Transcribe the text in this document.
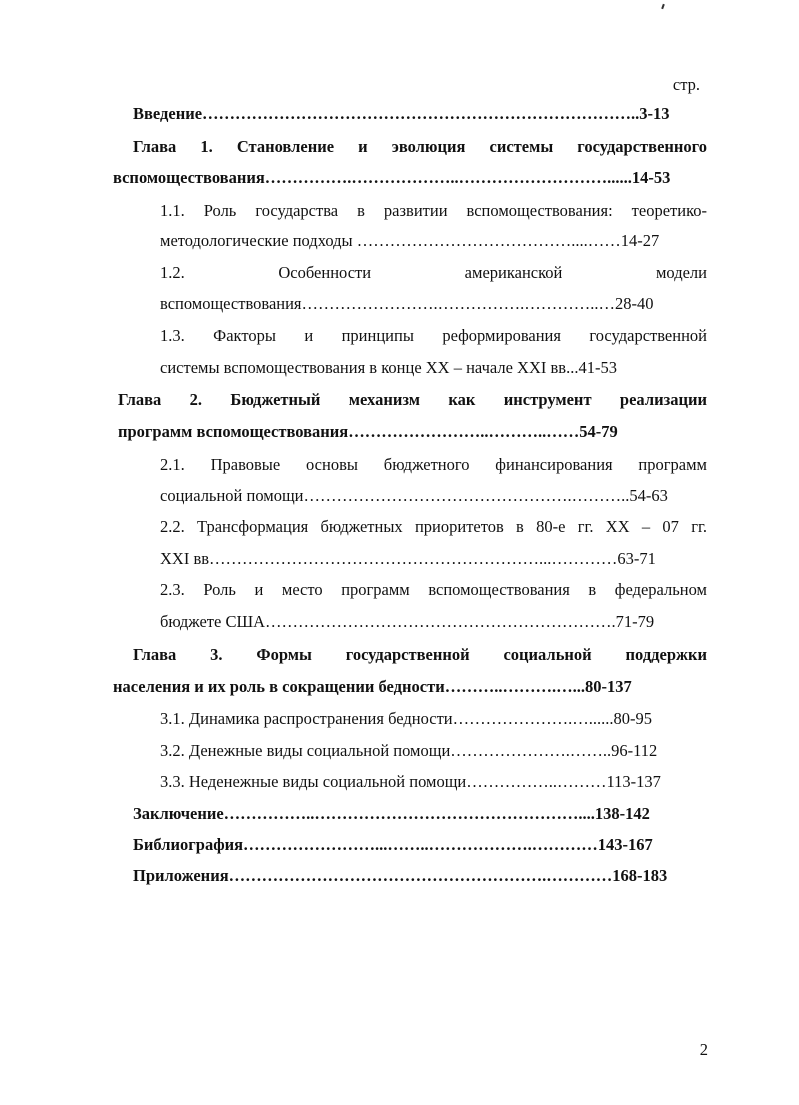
стр.
Введение……………………………………………………………………..3-13
Глава 1. Становление и эволюция системы государственного
вспомоществования…………….………………..………………………......14-53
1.1. Роль государства в развитии вспомоществования: теоретико-
методологические подходы …………………………………....……14-27
1.2. Особенности американской модели
вспомоществования…………………….…………….…………..…28-40
1.3. Факторы и принципы реформирования государственной
системы вспомоществования в конце XX – начале XXI вв...41-53
Глава 2. Бюджетный механизм как инструмент реализации
программ вспомоществования……………………..………..……54-79
2.1. Правовые основы бюджетного финансирования программ
социальной помощи………………………………………….………..54-63
2.2. Трансформация бюджетных приоритетов в 80-е гг. XX – 07 гг.
XXI вв……………………………………………………...…………63-71
2.3. Роль и место программ вспомоществования в федеральном
бюджете США……………………………………………………….71-79
Глава 3. Формы государственной социальной поддержки
населения и их роль в сокращении бедности………..……….…...80-137
3.1. Динамика распространения бедности………………….…......80-95
3.2. Денежные виды социальной помощи………………….……..96-112
3.3. Неденежные виды социальной помощи……………..………113-137
Заключение……………..…………………………………………....138-142
Библиография……………………...……..……………….…………143-167
Приложения………………………………………………….…………168-183
2
